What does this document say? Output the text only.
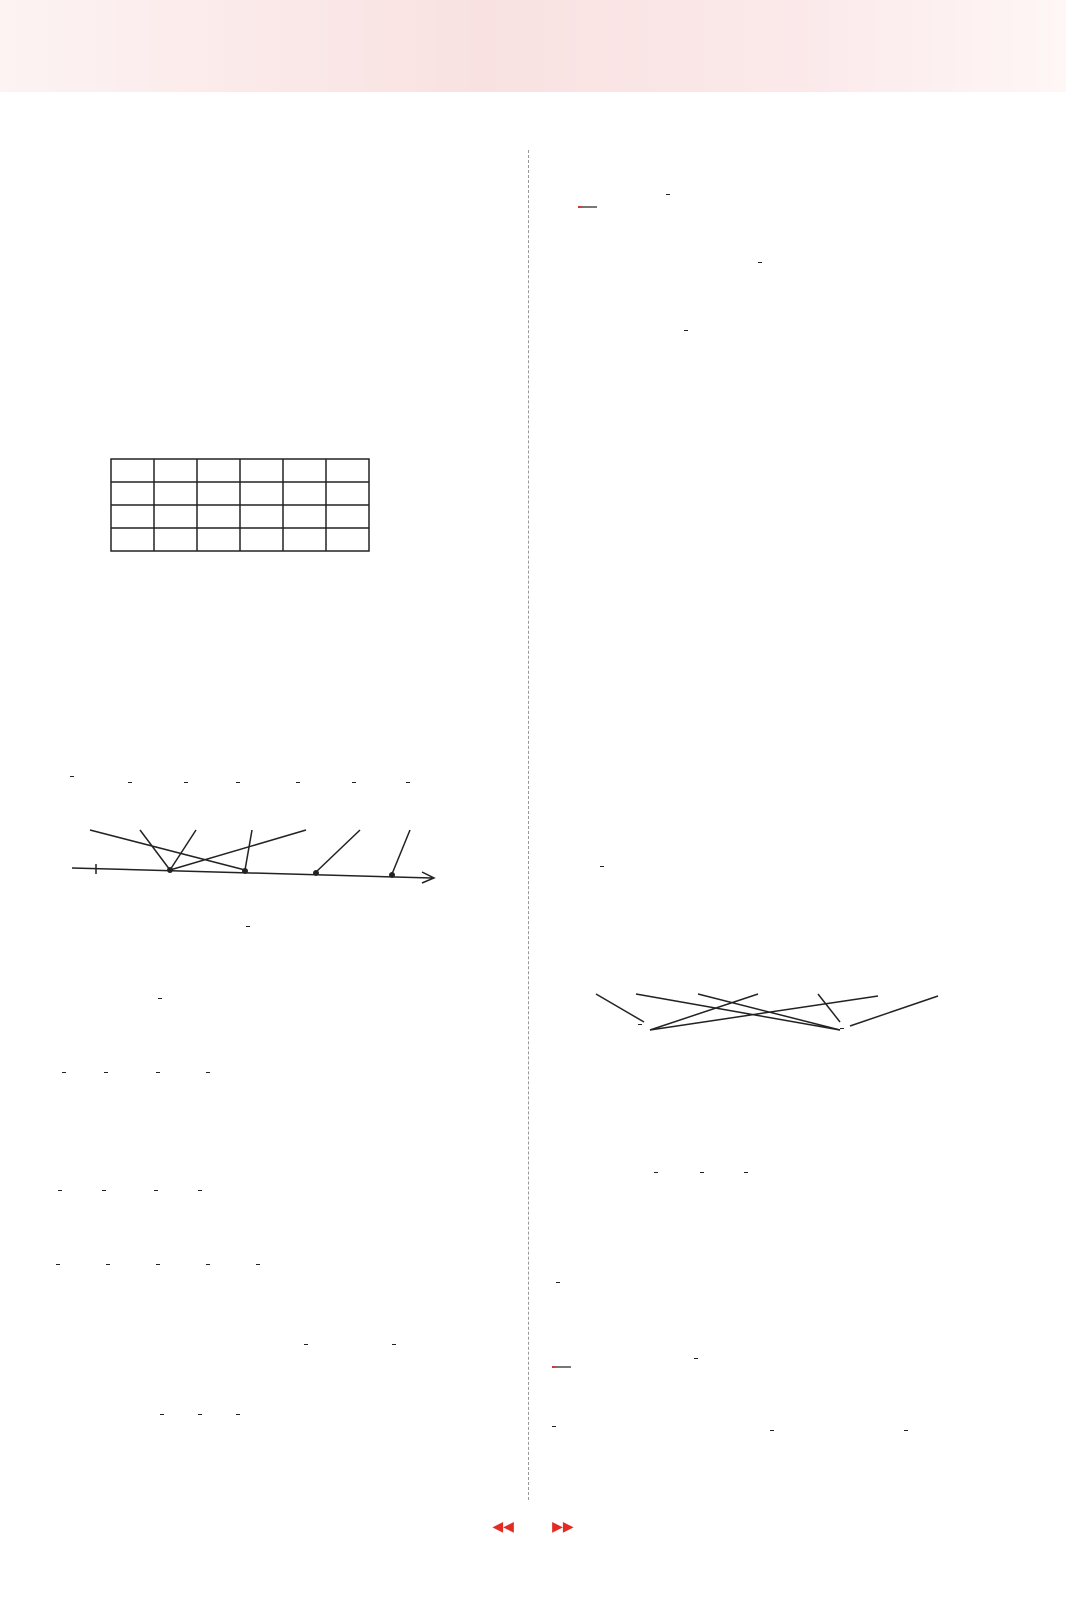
◀◀	▶▶
